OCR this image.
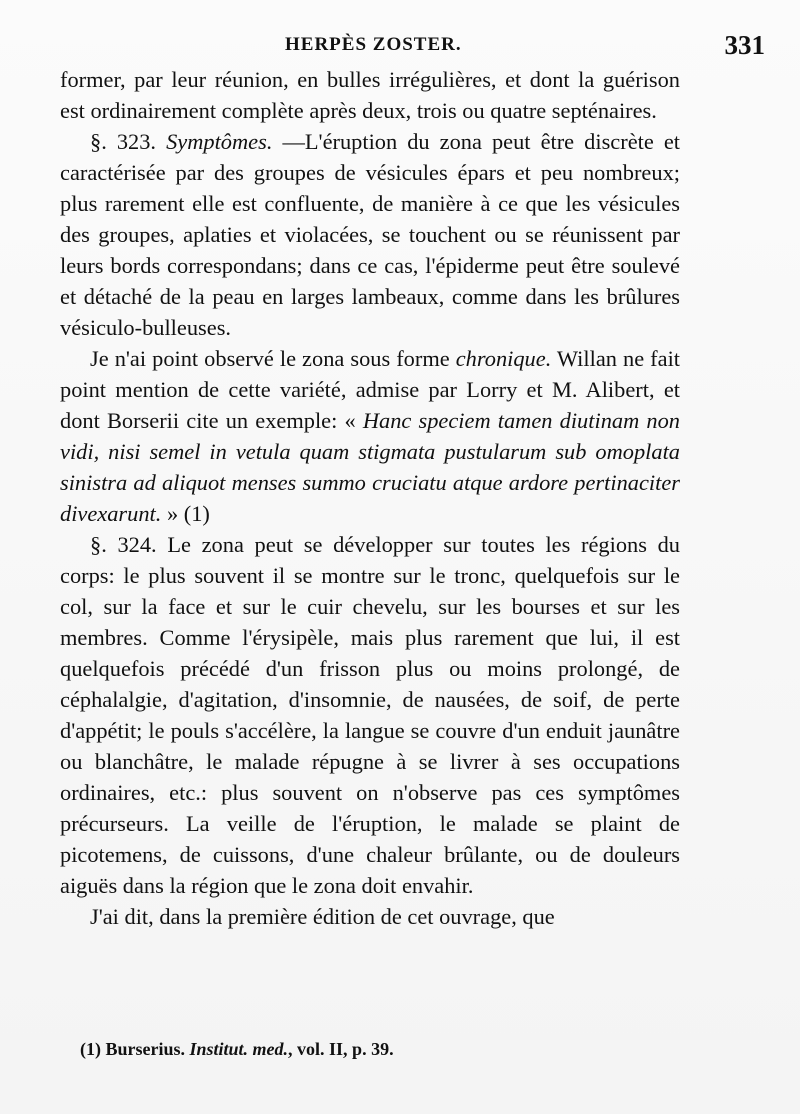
HERPÈS ZOSTER.	331

former, par leur réunion, en bulles irrégulières, et dont la guérison est ordinairement complète après deux, trois ou quatre septénaires.

§. 323. Symptômes. —L'éruption du zona peut être discrète et caractérisée par des groupes de vésicules épars et peu nombreux; plus rarement elle est confluente, de manière à ce que les vésicules des groupes, aplaties et violacées, se touchent ou se réunissent par leurs bords correspondans; dans ce cas, l'épiderme peut être soulevé et détaché de la peau en larges lambeaux, comme dans les brûlures vésiculo-bulleuses.

Je n'ai point observé le zona sous forme chronique. Willan ne fait point mention de cette variété, admise par Lorry et M. Alibert, et dont Borserii cite un exemple: « Hanc speciem tamen diutinam non vidi, nisi semel in vetula quam stigmata pustularum sub omoplata sinistra ad aliquot menses summo cruciatu atque ardore pertinaciter divexarunt. » (1)

§. 324. Le zona peut se développer sur toutes les régions du corps: le plus souvent il se montre sur le tronc, quelquefois sur le col, sur la face et sur le cuir chevelu, sur les bourses et sur les membres. Comme l'érysipèle, mais plus rarement que lui, il est quelquefois précédé d'un frisson plus ou moins prolongé, de céphalalgie, d'agitation, d'insomnie, de nausées, de soif, de perte d'appétit; le pouls s'accélère, la langue se couvre d'un enduit jaunâtre ou blanchâtre, le malade répugne à se livrer à ses occupations ordinaires, etc.: plus souvent on n'observe pas ces symptômes précurseurs. La veille de l'éruption, le malade se plaint de picotemens, de cuissons, d'une chaleur brûlante, ou de douleurs aiguës dans la région que le zona doit envahir.

J'ai dit, dans la première édition de cet ouvrage, que

(1) Burserius. Institut. med., vol. II, p. 39.
